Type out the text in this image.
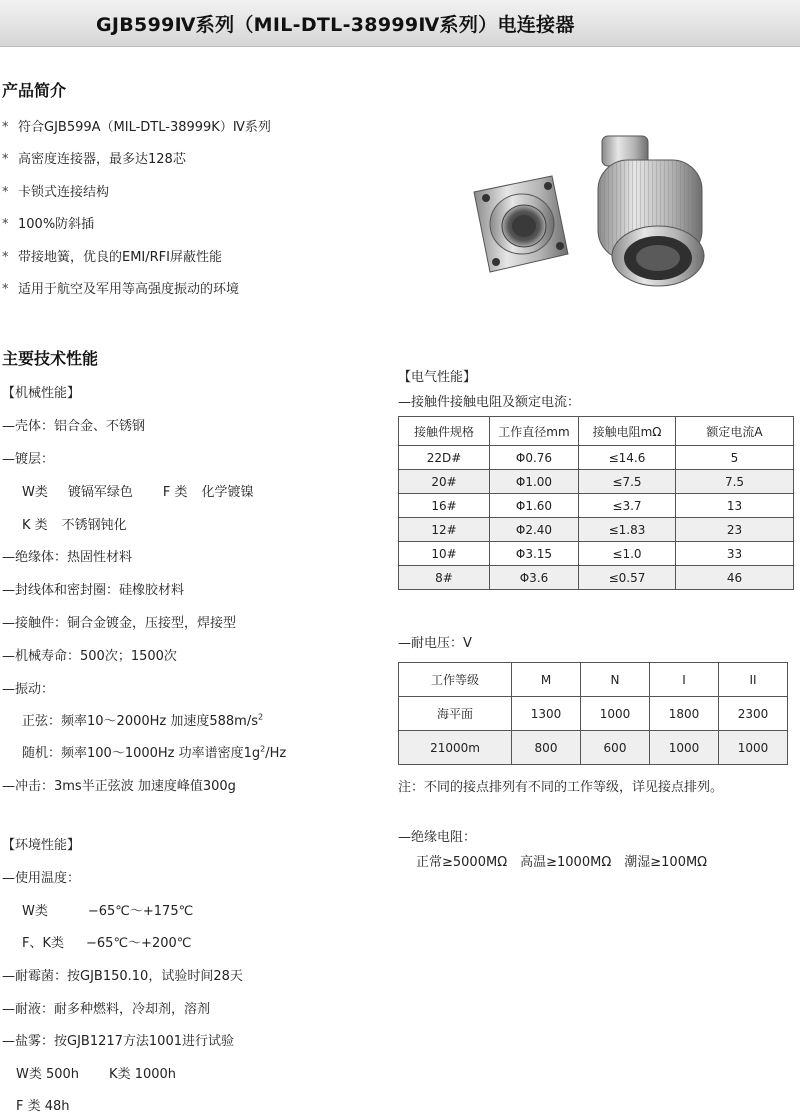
GJB599Ⅳ系列（MIL-DTL-38999Ⅳ系列）电连接器
产品简介
* 符合GJB599A（MIL-DTL-38999K）Ⅳ系列
* 高密度连接器，最多达128芯
* 卡锁式连接结构
* 100%防斜插
* 带接地簧，优良的EMI/RFI屏蔽性能
* 适用于航空及军用等高强度振动的环境
主要技术性能
【机械性能】
—壳体：铝合金、不锈钢
—镀层：
W类 镀镉军绿色 F 类 化学镀镍
K 类 不锈钢钝化
—绝缘体：热固性材料
—封线体和密封圈：硅橡胶材料
—接触件：铜合金镀金，压接型，焊接型
—机械寿命：500次；1500次
—振动：
正弦：频率10～2000Hz 加速度$588m/s^2$
随机：频率100～1000Hz 功率谱密度$1g^2/Hz$
—冲击：3ms半正弦波 加速度峰值300g
【环境性能】
—使用温度：
W类	−65℃～+175℃
F、K类 −65℃～+200℃
—耐霉菌：按GJB150.10，试验时间28天
—耐液：耐多种燃料，冷却剂，溶剂
—盐雾：按GJB1217方法1001进行试验
W类 500h K类 1000h
F 类 48h
【电气性能】
—接触件接触电阻及额定电流：
接触件规格	工作直径mm	接触电阻mΩ	额定电流A
22D#	Φ0.76	≤14.6	5
20#	Φ1.00	≤7.5	7.5
16#	Φ1.60	≤3.7	13
12#	Φ2.40	≤1.83	23
10#	Φ3.15	≤1.0	33
8#	Φ3.6	≤0.57	46
—耐电压：V
工作等级	M	N	I	II
海平面	1300	1000	1800	2300
21000m	800	600	1000	1000
注：不同的接点排列有不同的工作等级，详见接点排列。
—绝缘电阻：
正常≥5000MΩ　高温≥1000MΩ　潮湿≥100MΩ
